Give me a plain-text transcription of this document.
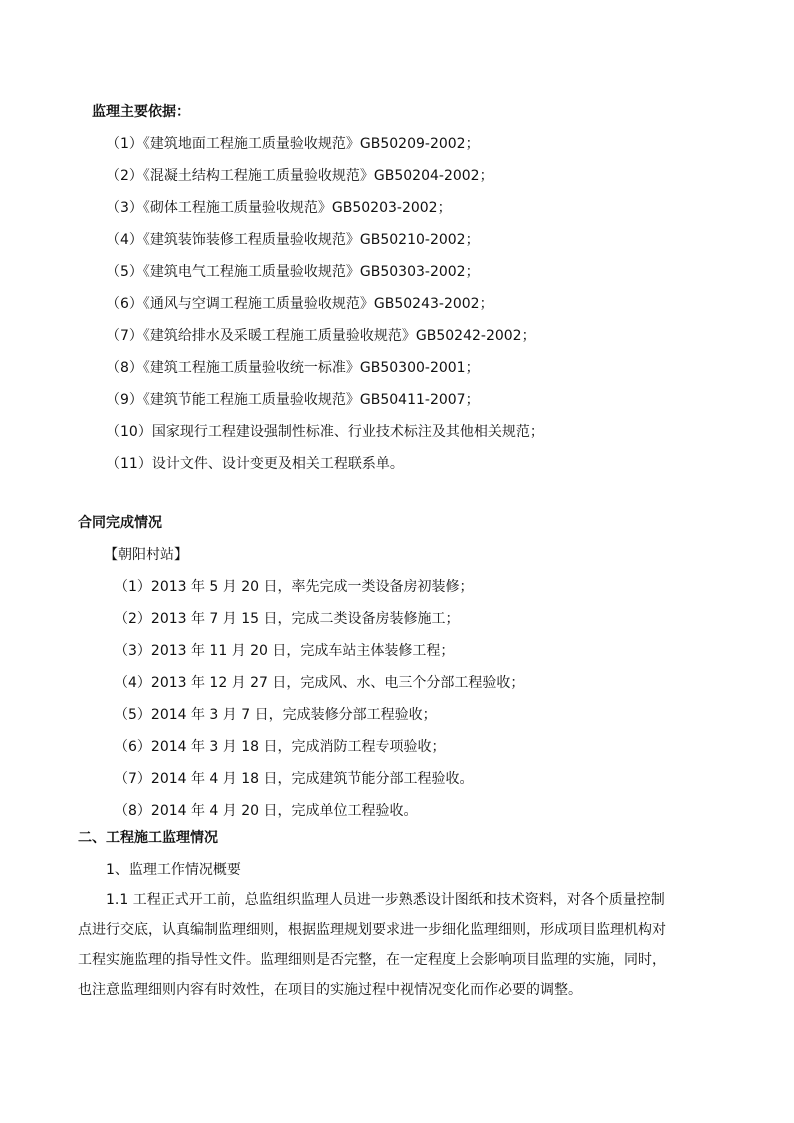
监理主要依据：
（1）《建筑地面工程施工质量验收规范》GB50209-2002；
（2）《混凝土结构工程施工质量验收规范》GB50204-2002；
（3）《砌体工程施工质量验收规范》GB50203-2002；
（4）《建筑装饰装修工程质量验收规范》GB50210-2002；
（5）《建筑电气工程施工质量验收规范》GB50303-2002；
（6）《通风与空调工程施工质量验收规范》GB50243-2002；
（7）《建筑给排水及采暖工程施工质量验收规范》GB50242-2002；
（8）《建筑工程施工质量验收统一标准》GB50300-2001；
（9）《建筑节能工程施工质量验收规范》GB50411-2007；
（10）国家现行工程建设强制性标准、行业技术标注及其他相关规范；
（11）设计文件、设计变更及相关工程联系单。
合同完成情况
【朝阳村站】
（1）2013 年 5 月 20 日，率先完成一类设备房初装修；
（2）2013 年 7 月 15 日，完成二类设备房装修施工；
（3）2013 年 11 月 20 日，完成车站主体装修工程；
（4）2013 年 12 月 27 日，完成风、水、电三个分部工程验收；
（5）2014 年 3 月 7 日，完成装修分部工程验收；
（6）2014 年 3 月 18 日，完成消防工程专项验收；
（7）2014 年 4 月 18 日，完成建筑节能分部工程验收。
（8）2014 年 4 月 20 日，完成单位工程验收。
二、工程施工监理情况
1、监理工作情况概要
1.1 工程正式开工前，总监组织监理人员进一步熟悉设计图纸和技术资料，对各个质量控制
点进行交底，认真编制监理细则，根据监理规划要求进一步细化监理细则，形成项目监理机构对
工程实施监理的指导性文件。监理细则是否完整，在一定程度上会影响项目监理的实施，同时，
也注意监理细则内容有时效性，在项目的实施过程中视情况变化而作必要的调整。
